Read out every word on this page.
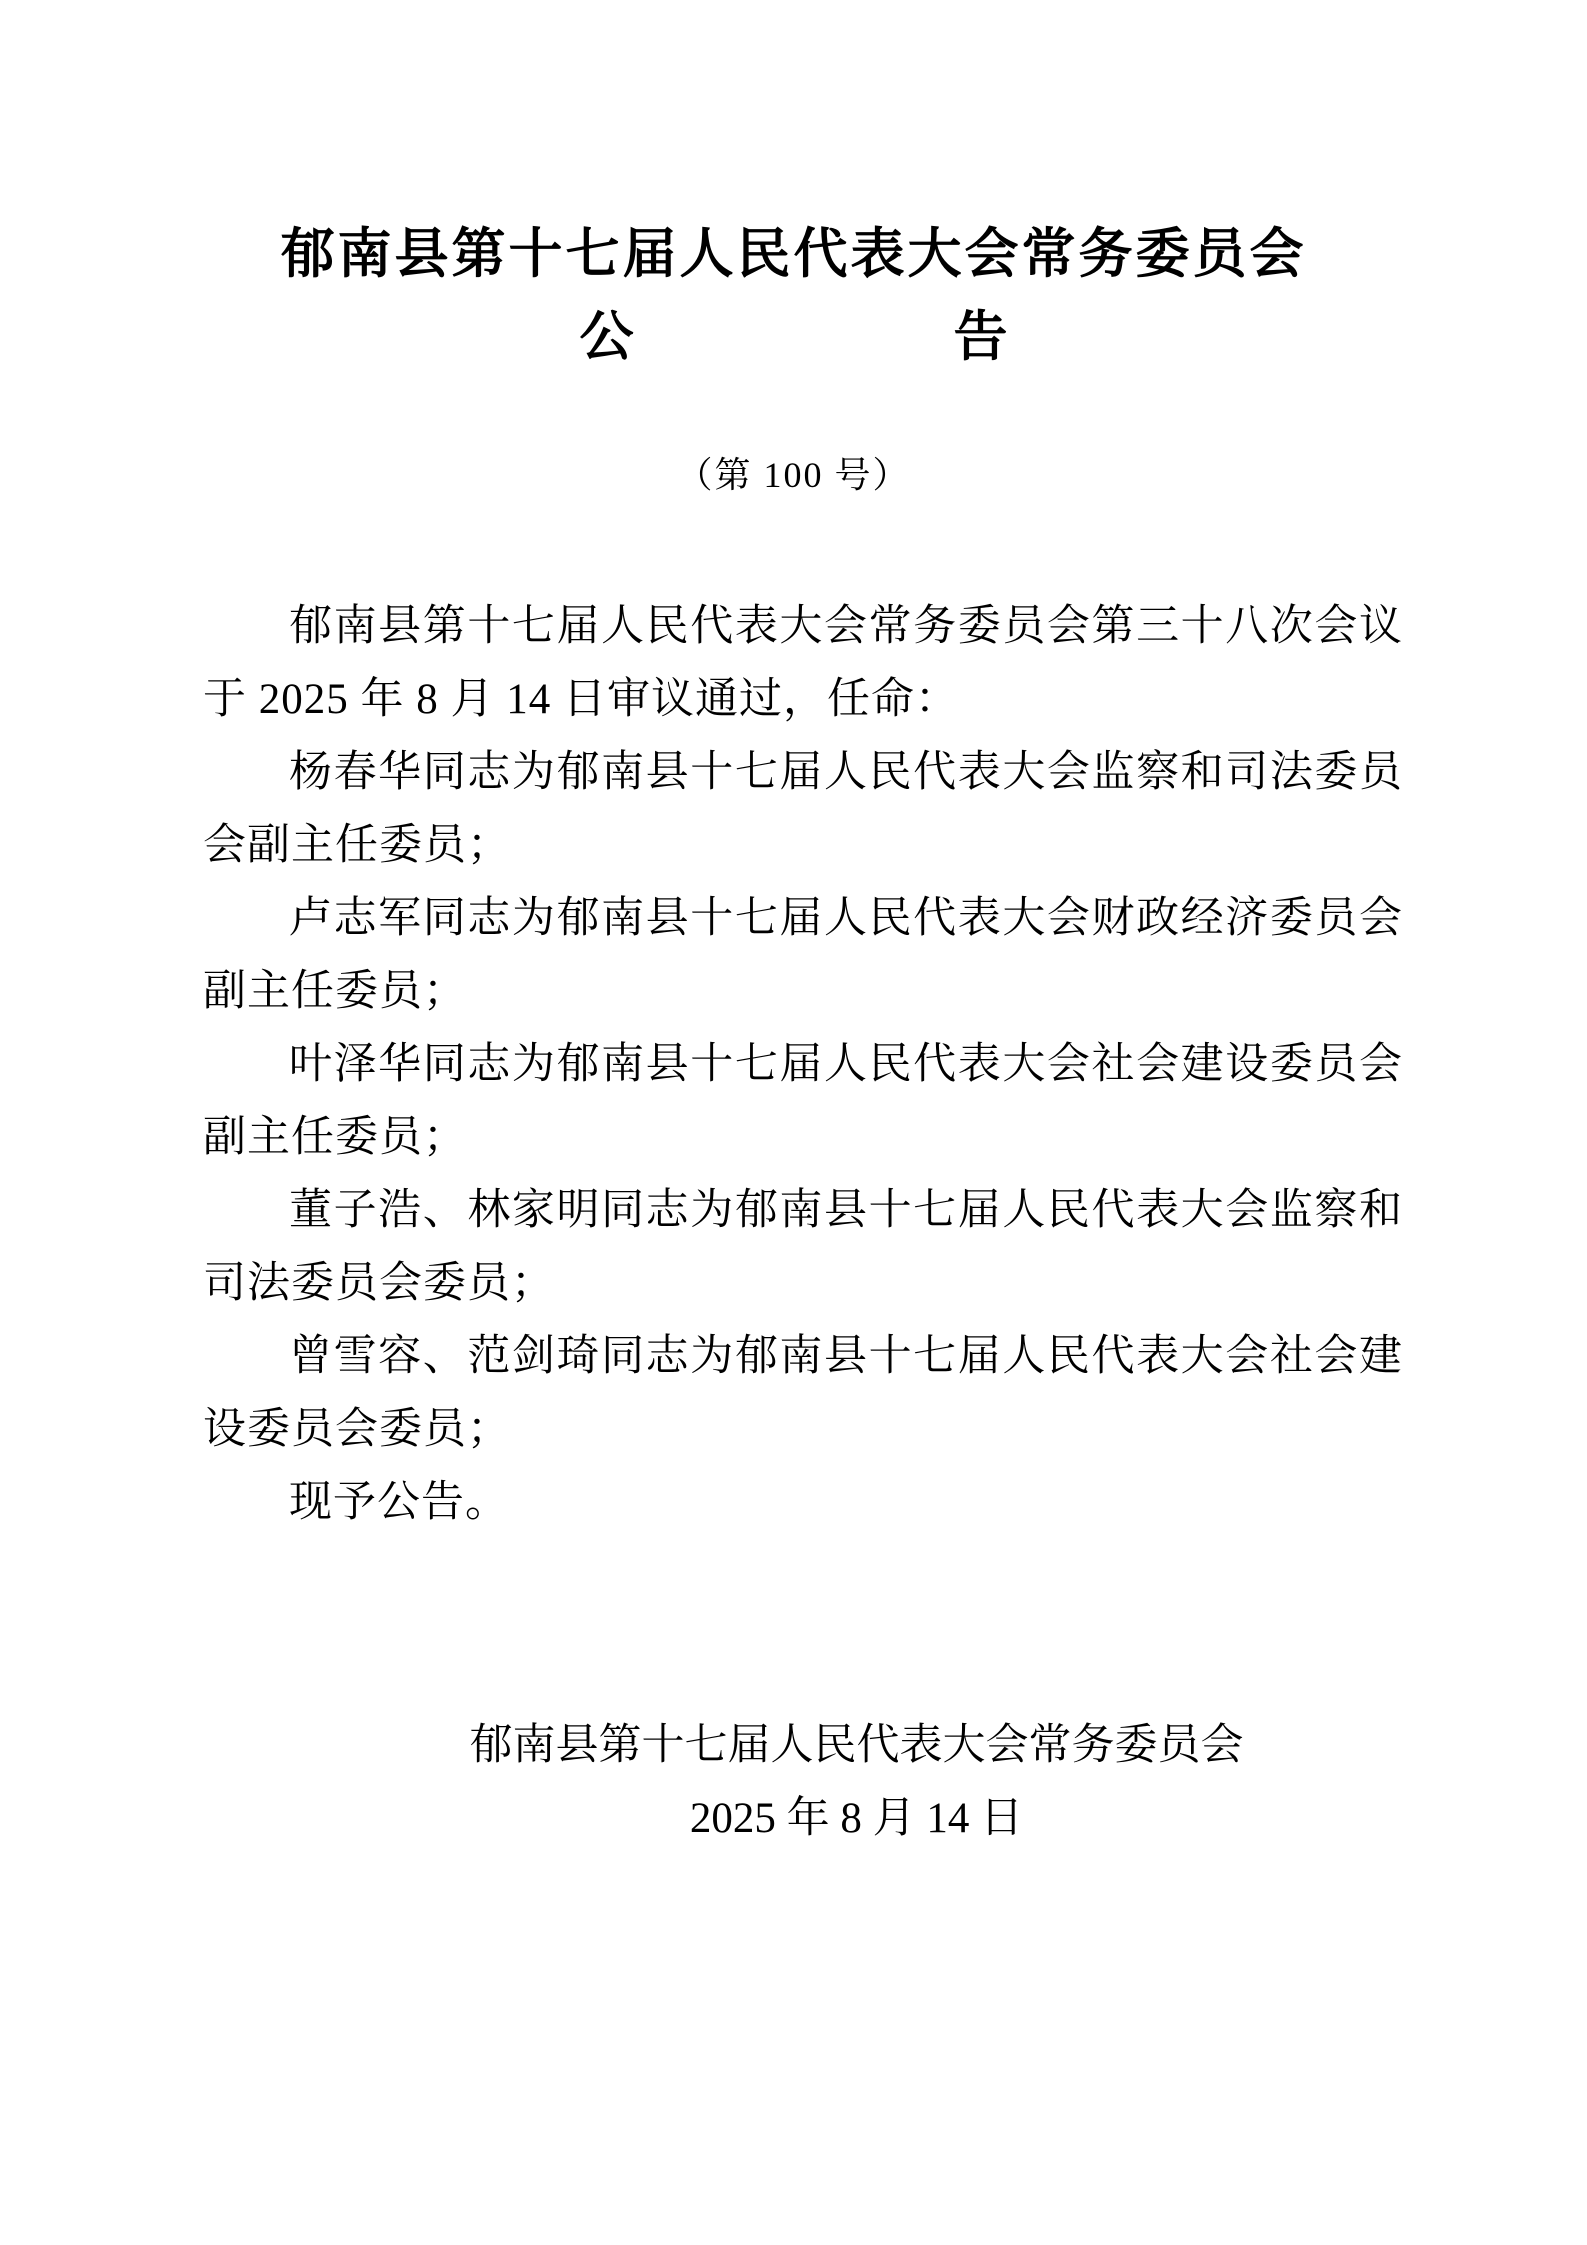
郁南县第十七届人民代表大会常务委员会
公	告
（第 100 号）

郁南县第十七届人民代表大会常务委员会第三十八次会议于 2025 年 8 月 14 日审议通过，任命：

杨春华同志为郁南县十七届人民代表大会监察和司法委员会副主任委员；

卢志军同志为郁南县十七届人民代表大会财政经济委员会副主任委员；

叶泽华同志为郁南县十七届人民代表大会社会建设委员会副主任委员；

董子浩、林家明同志为郁南县十七届人民代表大会监察和司法委员会委员；

曾雪容、范剑琦同志为郁南县十七届人民代表大会社会建设委员会委员；

现予公告。

郁南县第十七届人民代表大会常务委员会
2025 年 8 月 14 日
